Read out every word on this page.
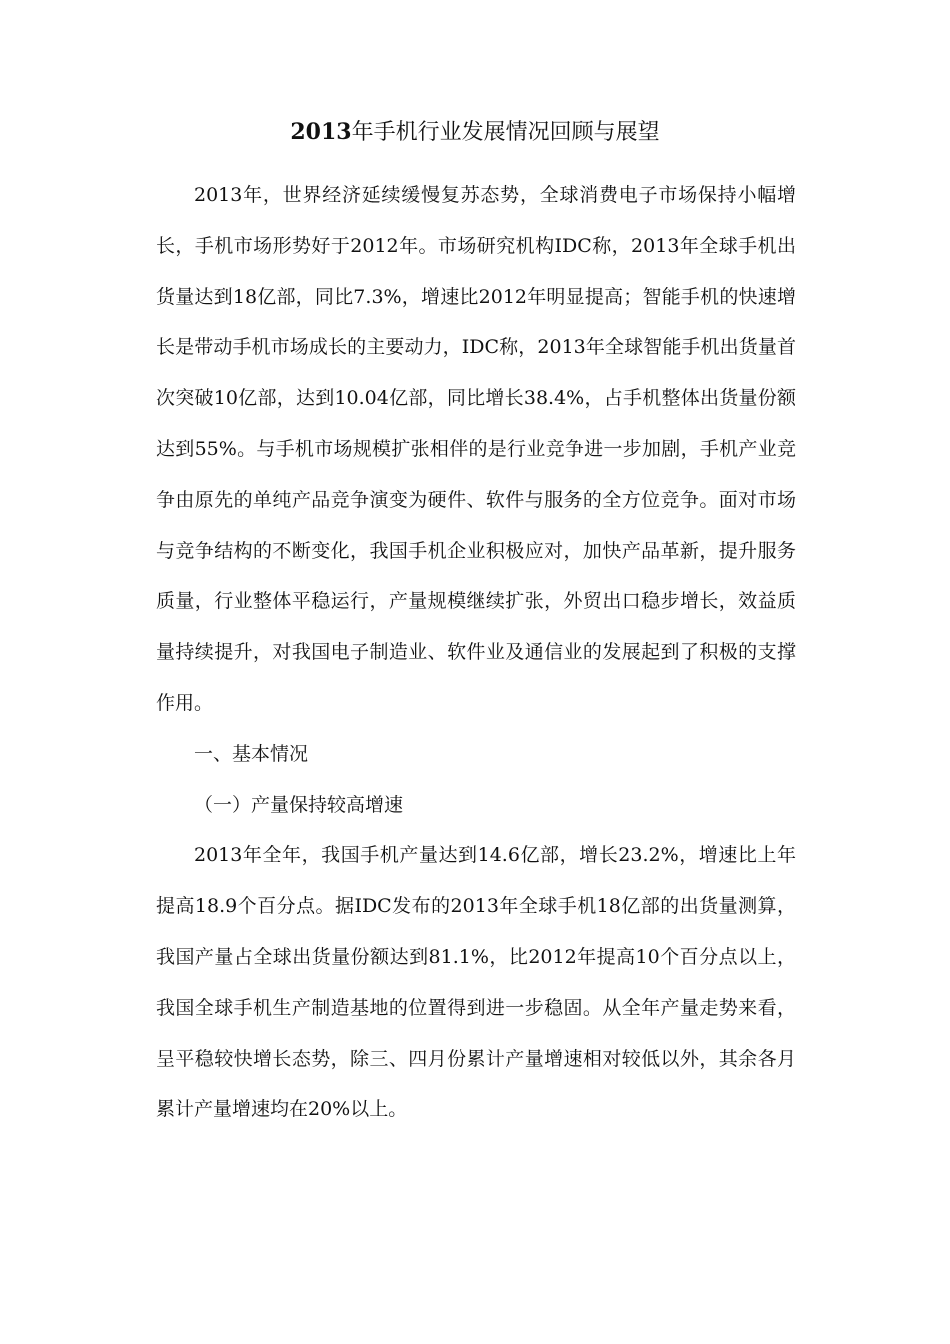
2013年手机行业发展情况回顾与展望

2013年，世界经济延续缓慢复苏态势，全球消费电子市场保持小幅增长，手机市场形势好于2012年。市场研究机构IDC称，2013年全球手机出货量达到18亿部，同比7.3%，增速比2012年明显提高；智能手机的快速增长是带动手机市场成长的主要动力，IDC称，2013年全球智能手机出货量首次突破10亿部，达到10.04亿部，同比增长38.4%，占手机整体出货量份额达到55%。与手机市场规模扩张相伴的是行业竞争进一步加剧，手机产业竞争由原先的单纯产品竞争演变为硬件、软件与服务的全方位竞争。面对市场与竞争结构的不断变化，我国手机企业积极应对，加快产品革新，提升服务质量，行业整体平稳运行，产量规模继续扩张，外贸出口稳步增长，效益质量持续提升，对我国电子制造业、软件业及通信业的发展起到了积极的支撑作用。

一、基本情况

（一）产量保持较高增速

2013年全年，我国手机产量达到14.6亿部，增长23.2%，增速比上年提高18.9个百分点。据IDC发布的2013年全球手机18亿部的出货量测算，我国产量占全球出货量份额达到81.1%，比2012年提高10个百分点以上，我国全球手机生产制造基地的位置得到进一步稳固。从全年产量走势来看，呈平稳较快增长态势，除三、四月份累计产量增速相对较低以外，其余各月累计产量增速均在20%以上。
